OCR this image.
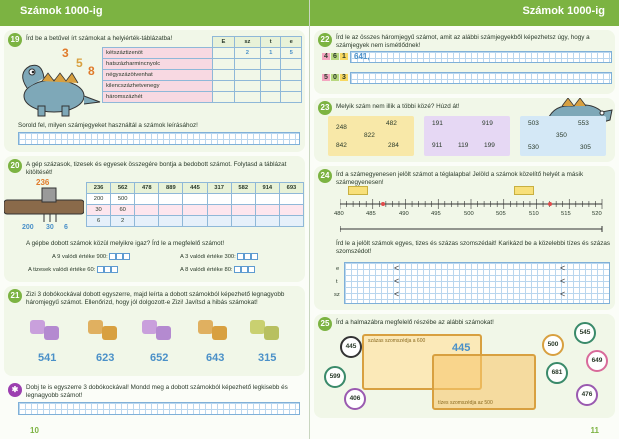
Számok 1000-ig
19	Írd be a betűvel írt számokat a helyiérték-táblázatba!
3
5
8
	E	sz	t	e
kétszáztizenöt		2	1	5
hatszázharmincnyolc				
négyszázötvenhat				
kilencszázhetvenegy				
háromszázhét				
Sorold fel, milyen számjegyeket használtál a számok leírásához!
20	A gép százasok, tizesek és egyesek összegére bontja a bedobott számot. Folytasd a táblázat kitöltését!
236
200 30 6
236	562	478	889	445	317	582	914	693
200	500							
30	60							
6	2							
A gépbe dobott számok közül melyikre igaz? Írd le a megfelelő számot!
A 9 valódi értéke 900:	A 3 valódi értéke 300:
A tizesek valódi értéke 60:	A 8 valódi értéke 80:
21	Zizi 3 dobókockával dobott egyszerre, majd leírta a dobott számokból képezhető legnagyobb háromjegyű számot. Ellenőrizd, hogy jól dolgozott-e Zizi! Javítsd a hibás számokat!
541	623	652	643	315
✱	Dobj te is egyszerre 3 dobókockával! Mondd meg a dobott számokból képezhető legkisebb és legnagyobb számot!
10
Számok 1000-ig
22	Írd le az összes háromjegyű számot, amit az alábbi számjegyekből képezhetsz úgy, hogy a számjegyek nem ismétlődnek!
4 6 1 641,
5 0 3
23	Melyik szám nem illik a többi közé? Húzd át!
248
482
822
842	284
191	919
911 119 199
503	553
350
530	305
24	Írd a számegyenesen jelölt számot a téglalapba! Jelöld a számok közelítő helyét a másik számegyenesen!
480	485	490	495	500	505	510	515	520
Írd le a jelölt számok egyes, tizes és százas szomszédait! Karikázd be a közelebbi tízes és százas szomszédot!
e
t
sz
<
<
<
<
<
<
25	Írd a halmazábra megfelelő részébe az alábbi számokat!
százas szomszédja a 600
tízes szomszédja az 500
445
445
599
406
500
545
649
681
476
11
